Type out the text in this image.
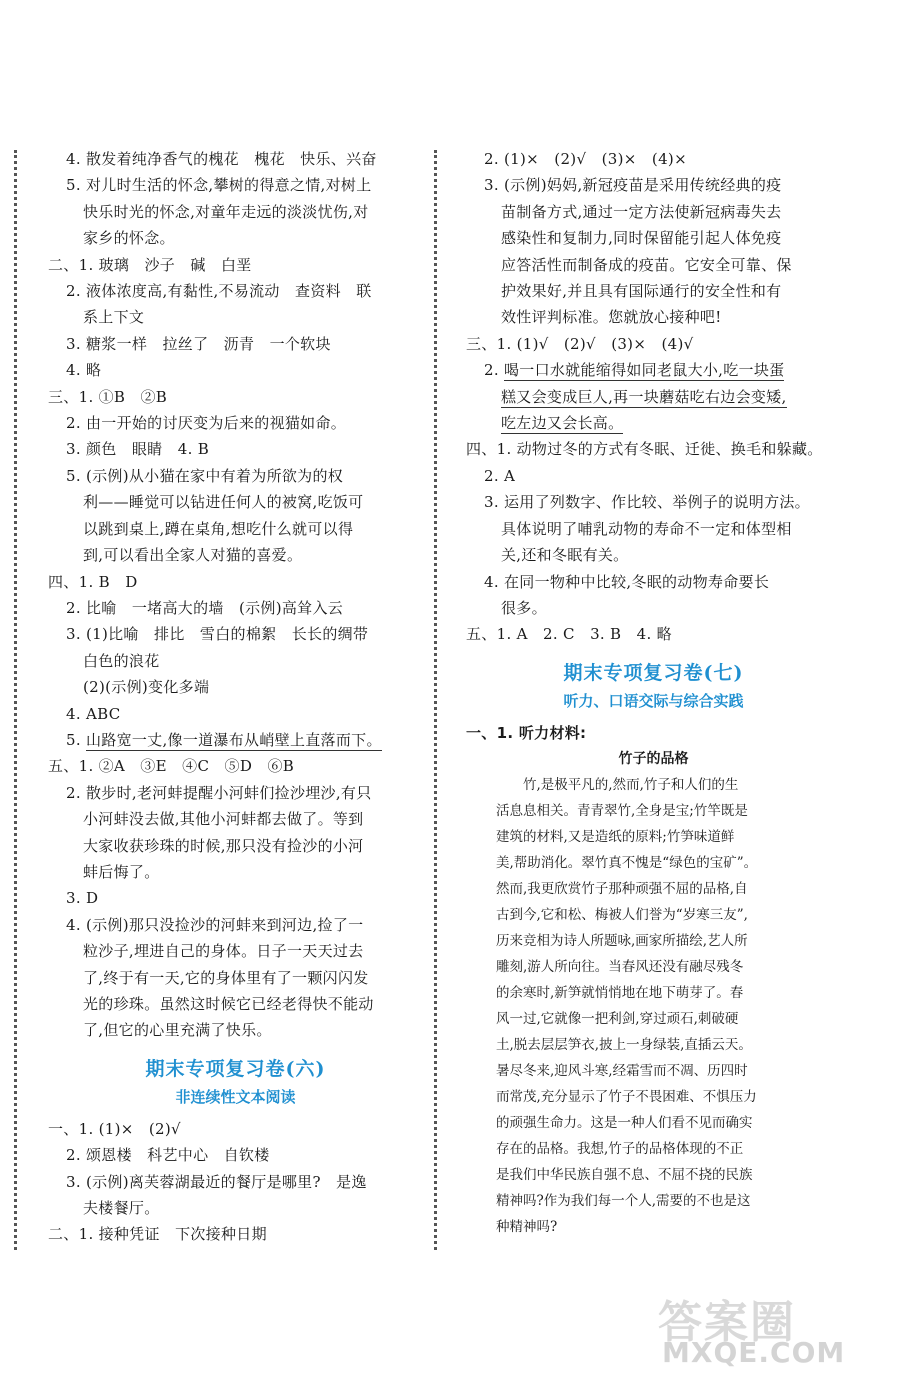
4. 散发着纯净香气的槐花　槐花　快乐、兴奋
5. 对儿时生活的怀念,攀树的得意之情,对树上
快乐时光的怀念,对童年走远的淡淡忧伤,对
家乡的怀念。
二、1. 玻璃　沙子　碱　白垩
2. 液体浓度高,有黏性,不易流动　查资料　联
系上下文
3. 糖浆一样　拉丝了　沥青　一个软块
4. 略
三、1. ①B　②B
2. 由一开始的讨厌变为后来的视猫如命。
3. 颜色　眼睛　4. B
5. (示例)从小猫在家中有着为所欲为的权
利——睡觉可以钻进任何人的被窝,吃饭可
以跳到桌上,蹲在桌角,想吃什么就可以得
到,可以看出全家人对猫的喜爱。
四、1. B　D
2. 比喻　一堵高大的墙　(示例)高耸入云
3. (1)比喻　排比　雪白的棉絮　长长的绸带
白色的浪花
(2)(示例)变化多端
4. ABC
5. 山路宽一丈,像一道瀑布从峭壁上直落而下。
五、1. ②A　③E　④C　⑤D　⑥B
2. 散步时,老河蚌提醒小河蚌们捡沙埋沙,有只
小河蚌没去做,其他小河蚌都去做了。等到
大家收获珍珠的时候,那只没有捡沙的小河
蚌后悔了。
3. D
4. (示例)那只没捡沙的河蚌来到河边,捡了一
粒沙子,埋进自己的身体。日子一天天过去
了,终于有一天,它的身体里有了一颗闪闪发
光的珍珠。虽然这时候它已经老得快不能动
了,但它的心里充满了快乐。
期末专项复习卷(六)
非连续性文本阅读
一、1. (1)×　(2)√
2. 颂恩楼　科艺中心　自钦楼
3. (示例)离芙蓉湖最近的餐厅是哪里?　是逸
夫楼餐厅。
二、1. 接种凭证　下次接种日期
2. (1)×　(2)√　(3)×　(4)×
3. (示例)妈妈,新冠疫苗是采用传统经典的疫
苗制备方式,通过一定方法使新冠病毒失去
感染性和复制力,同时保留能引起人体免疫
应答活性而制备成的疫苗。它安全可靠、保
护效果好,并且具有国际通行的安全性和有
效性评判标准。您就放心接种吧!
三、1. (1)√　(2)√　(3)×　(4)√
2. 喝一口水就能缩得如同老鼠大小,吃一块蛋
糕又会变成巨人,再一块蘑菇吃右边会变矮,
吃左边又会长高。
四、1. 动物过冬的方式有冬眠、迁徙、换毛和躲藏。
2. A
3. 运用了列数字、作比较、举例子的说明方法。
具体说明了哺乳动物的寿命不一定和体型相
关,还和冬眠有关。
4. 在同一物种中比较,冬眠的动物寿命要长
很多。
五、1. A　2. C　3. B　4. 略
期末专项复习卷(七)
听力、口语交际与综合实践
一、1. 听力材料:
竹子的品格
竹,是极平凡的,然而,竹子和人们的生
活息息相关。青青翠竹,全身是宝;竹竿既是
建筑的材料,又是造纸的原料;竹笋味道鲜
美,帮助消化。翠竹真不愧是“绿色的宝矿”。
然而,我更欣赏竹子那种顽强不屈的品格,自
古到今,它和松、梅被人们誉为“岁寒三友”,
历来竞相为诗人所题咏,画家所描绘,艺人所
雕刻,游人所向往。当春风还没有融尽残冬
的余寒时,新笋就悄悄地在地下萌芽了。春
风一过,它就像一把利剑,穿过顽石,刺破硬
土,脱去层层笋衣,披上一身绿装,直插云天。
暑尽冬来,迎风斗寒,经霜雪而不凋、历四时
而常茂,充分显示了竹子不畏困难、不惧压力
的顽强生命力。这是一种人们看不见而确实
存在的品格。我想,竹子的品格体现的不正
是我们中华民族自强不息、不屈不挠的民族
精神吗?作为我们每一个人,需要的不也是这
种精神吗?
答案圈
MXQE.COM
